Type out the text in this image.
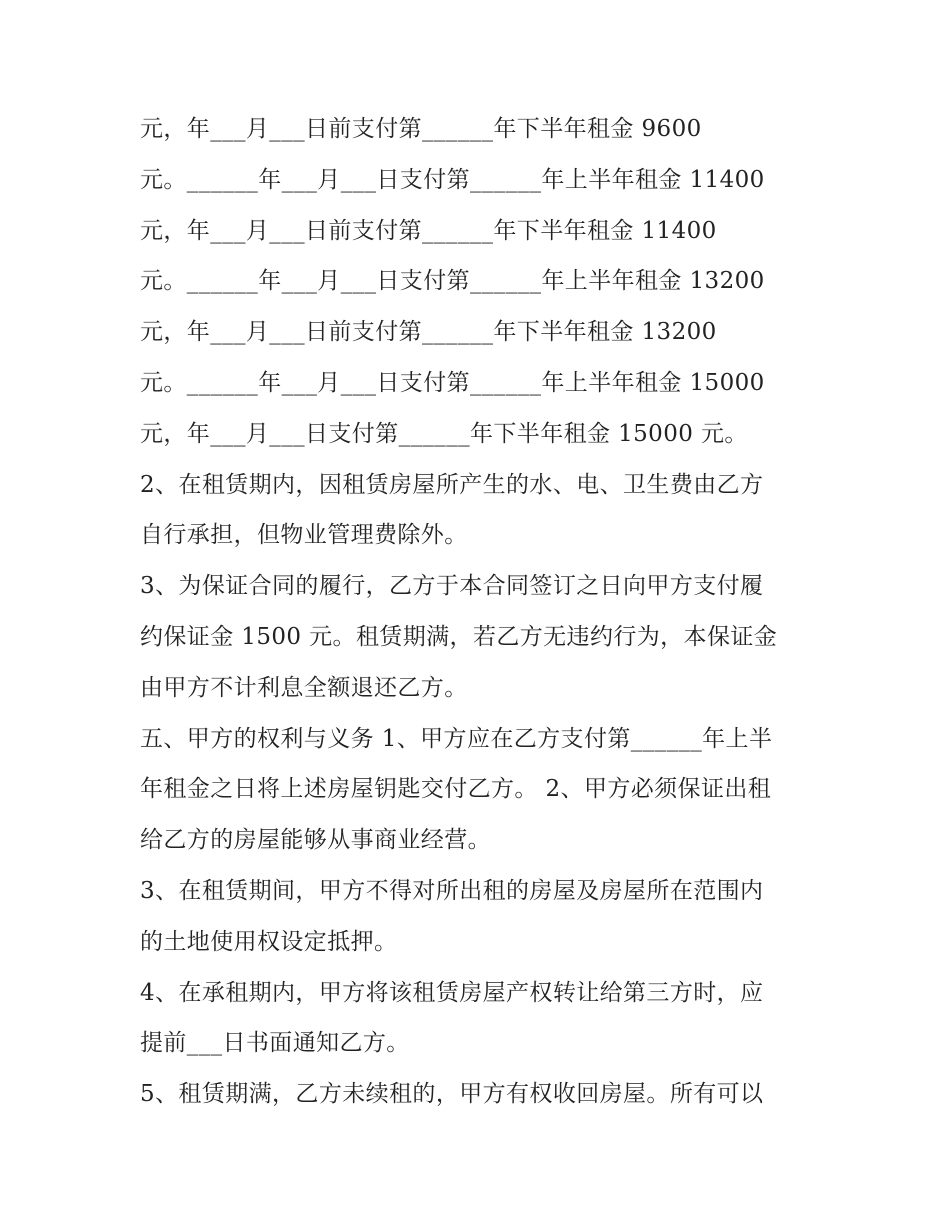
元，年___月___日前支付第______年下半年租金 9600
元。______年___月___日支付第______年上半年租金 11400
元，年___月___日前支付第______年下半年租金 11400
元。______年___月___日支付第______年上半年租金 13200
元，年___月___日前支付第______年下半年租金 13200
元。______年___月___日支付第______年上半年租金 15000
元，年___月___日支付第______年下半年租金 15000 元。
2、在租赁期内，因租赁房屋所产生的水、电、卫生费由乙方
自行承担，但物业管理费除外。
3、为保证合同的履行，乙方于本合同签订之日向甲方支付履
约保证金 1500 元。租赁期满，若乙方无违约行为，本保证金
由甲方不计利息全额退还乙方。
五、甲方的权利与义务 1、甲方应在乙方支付第______年上半
年租金之日将上述房屋钥匙交付乙方。 2、甲方必须保证出租
给乙方的房屋能够从事商业经营。
3、在租赁期间，甲方不得对所出租的房屋及房屋所在范围内
的土地使用权设定抵押。
4、在承租期内，甲方将该租赁房屋产权转让给第三方时，应
提前___日书面通知乙方。
5、租赁期满，乙方未续租的，甲方有权收回房屋。所有可以
